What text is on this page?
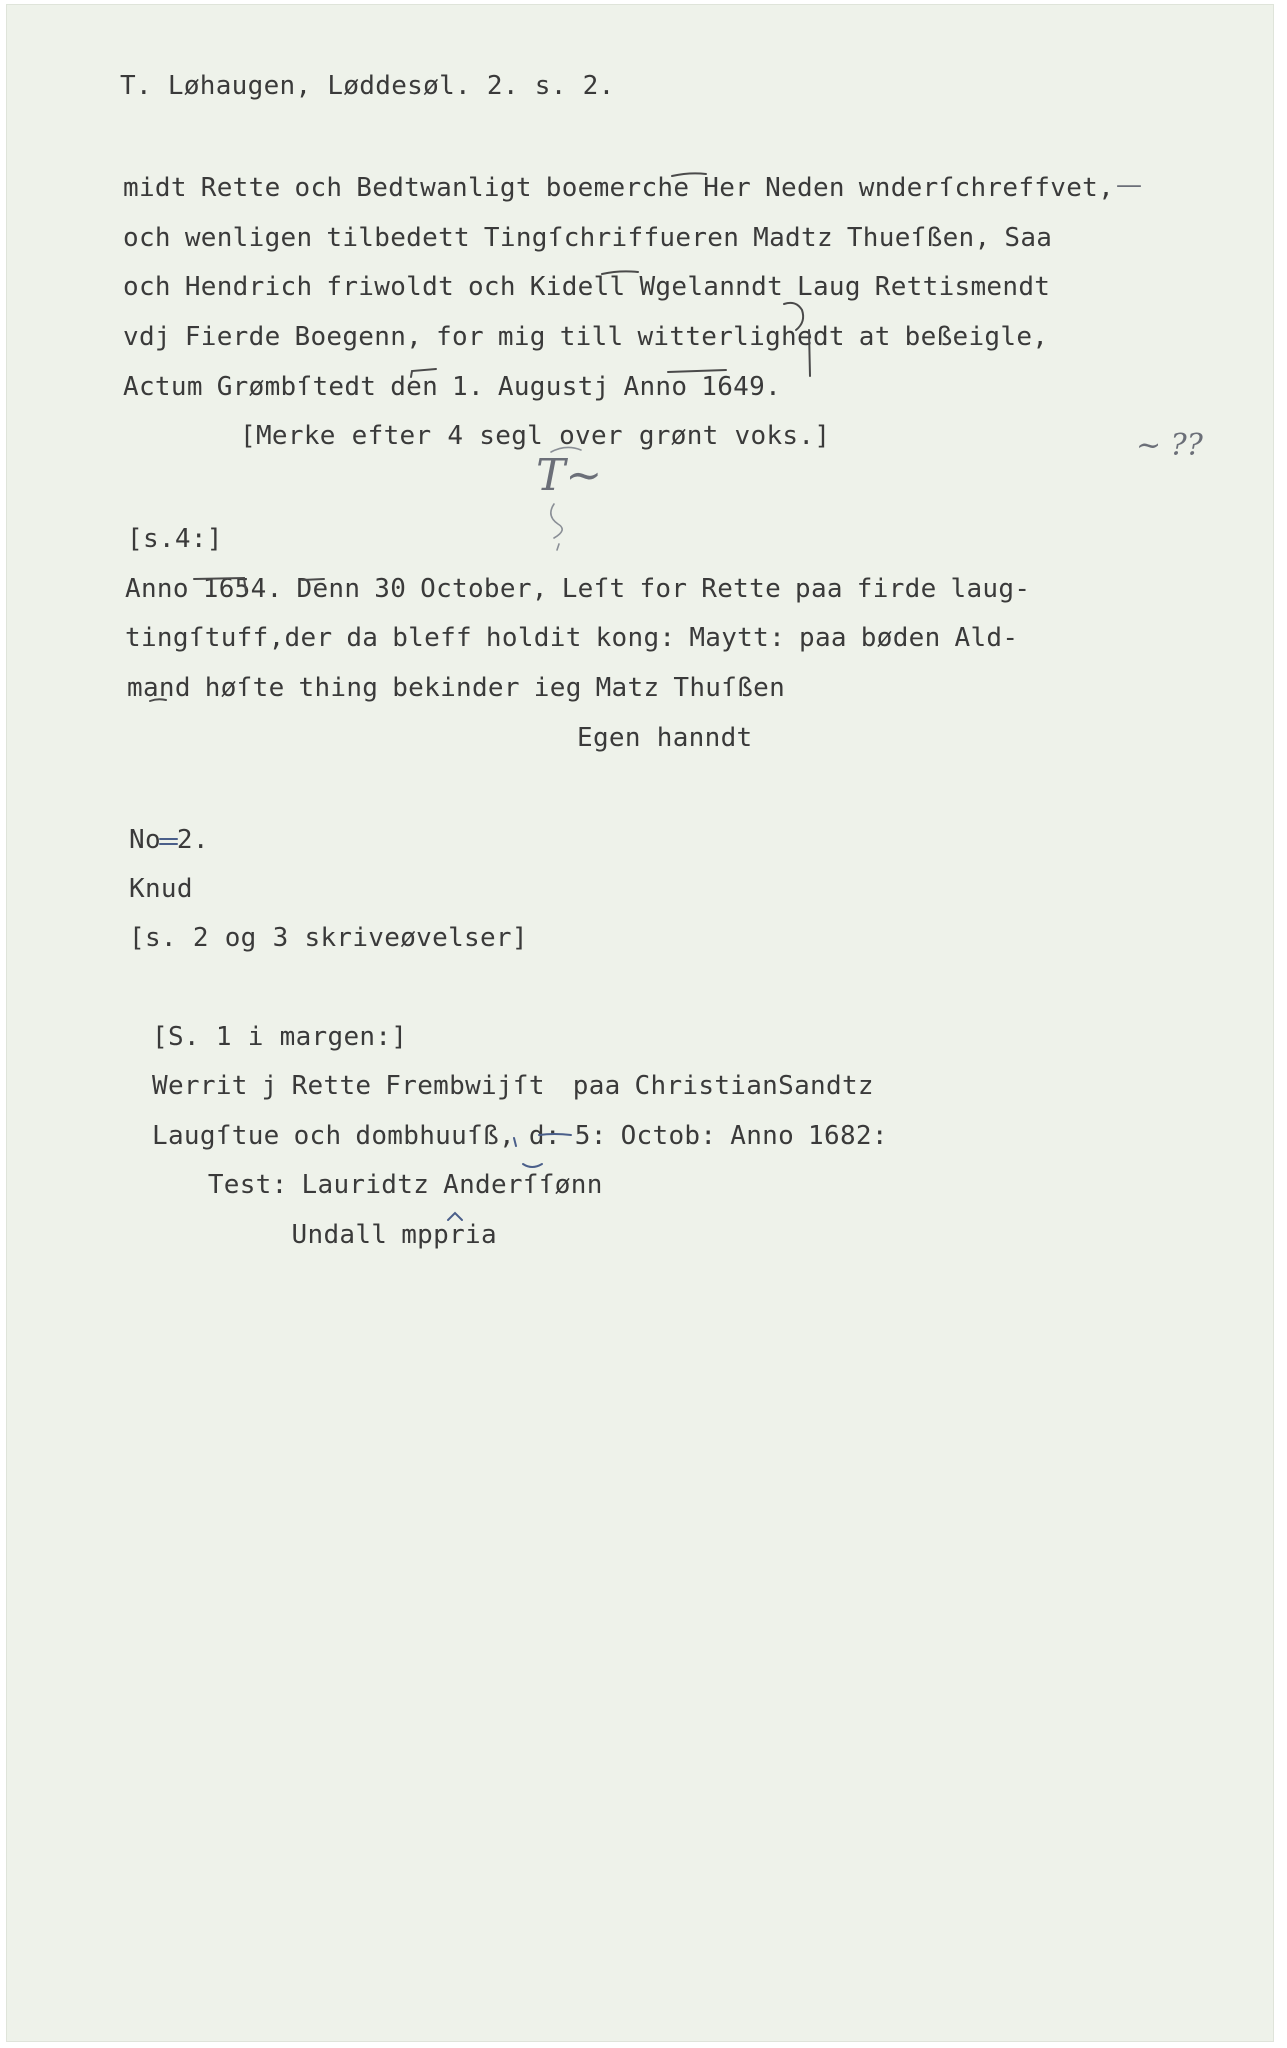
T. Løhaugen, Løddesøl. 2. s. 2.
midt Rette och Bedtwanligt boemerche Her Neden wnderſchreffvet,
och wenligen tilbedett Tingſchriffueren Madtz Thueſßen, Saa
och Hendrich friwoldt och Kidell Wgelanndt Laug Rettismendt
vdj Fierde Boegenn, for mig till witterlighedt at beßeigle,
Actum Grømbſtedt den 1. Augustj Anno 1649.
[Merke efter 4 segl over grønt voks.]
[s.4:]
Anno 1654. Denn 30 October, Leſt for Rette paa firde laug-
tingſtuff,der da bleff holdit kong: Maytt: paa bøden Ald-
mand høſte thing bekinder ieg Matz Thuſßen
Egen hanndt
No 2.
Knud
[s. 2 og 3 skriveøvelser]
[S. 1 i margen:]
Werrit j Rette Frembwijſt  paa ChristianSandtz
Laugſtue och dombhuuſß, d: 5: Octob: Anno 1682:
Test: Lauridtz Anderſſønn
Undall mppria
—
~ ??
T~
